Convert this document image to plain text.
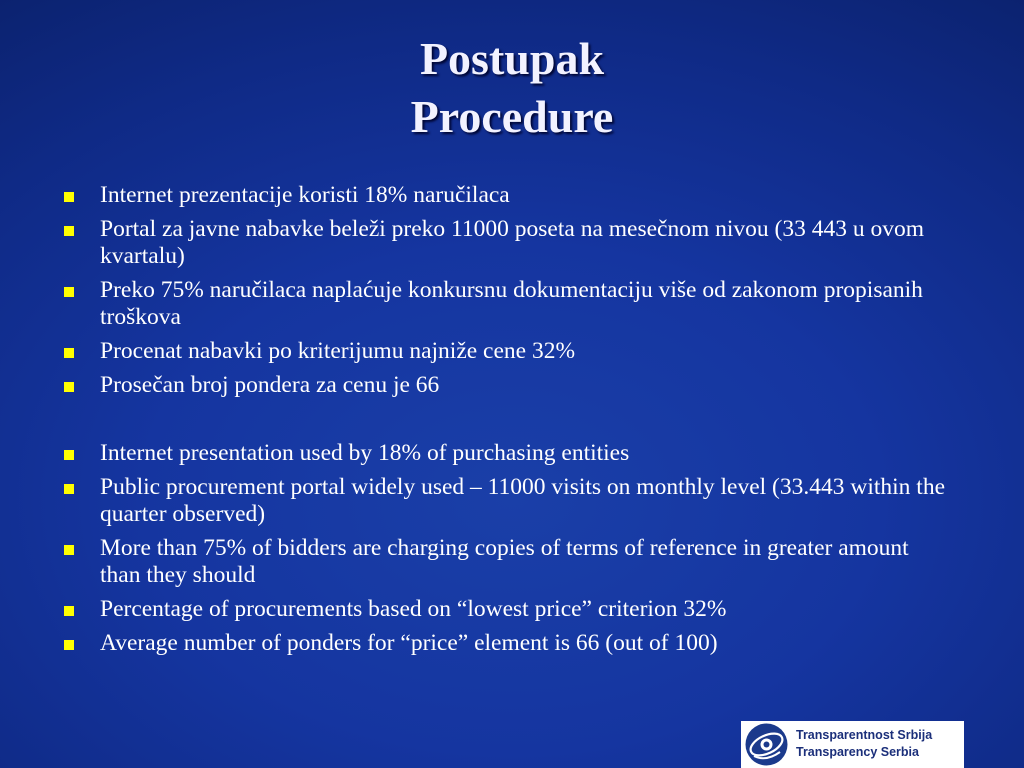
Postupak
Procedure
Internet prezentacije koristi 18% naručilaca
Portal za javne nabavke beleži preko 11000 poseta na mesečnom nivou (33 443 u ovom kvartalu)
Preko 75% naručilaca naplaćuje konkursnu dokumentaciju više od zakonom propisanih troškova
Procenat nabavki po kriterijumu najniže cene 32%
Prosečan broj pondera za cenu je 66
Internet presentation used by 18% of purchasing entities
Public procurement portal widely used – 11000 visits on monthly level (33.443 within the quarter observed)
More than 75% of bidders are charging copies of terms of reference in greater amount than they should
Percentage of procurements based on “lowest price” criterion 32%
Average number of ponders for “price” element is 66 (out of 100)
Transparentnost Srbija
Transparency Serbia
